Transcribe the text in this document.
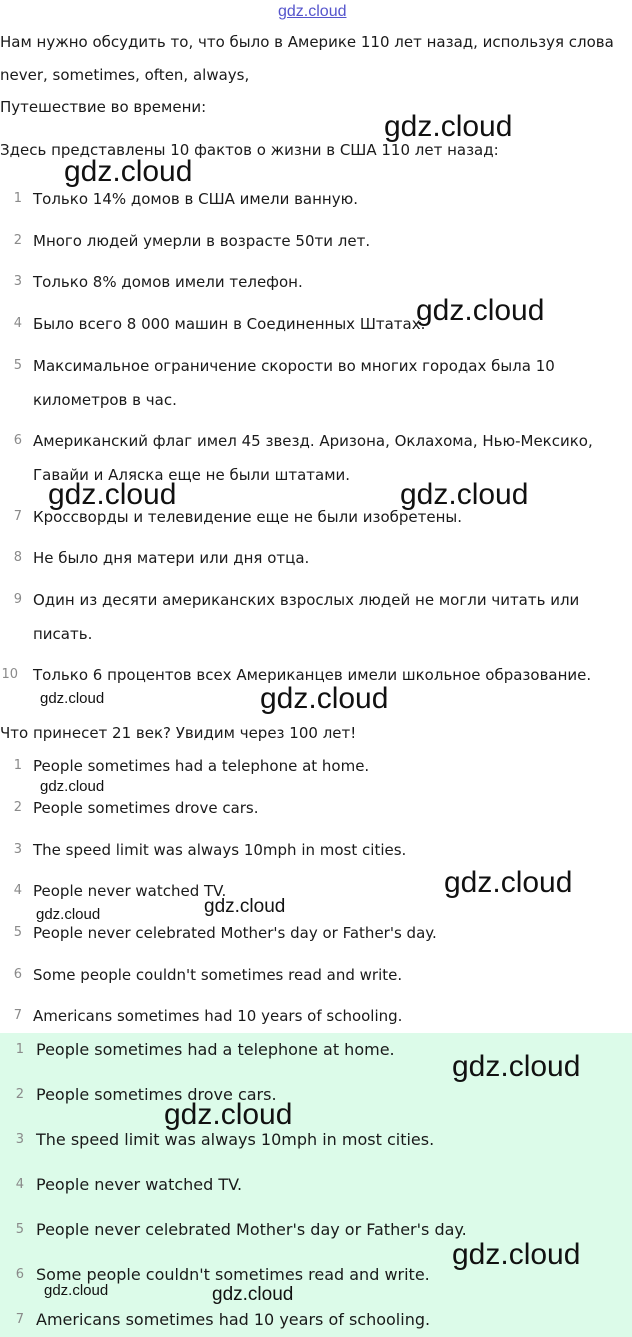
Нам нужно обсудить то, что было в Америке 110 лет назад, используя слова
never, sometimes, often, always,
Путешествие во времени:
Здесь представлены 10 фактов о жизни в США 110 лет назад:
1 Только 14% домов в США имели ванную.
2 Много людей умерли в возрасте 50ти лет.
3 Только 8% домов имели телефон.
4 Было всего 8 000 машин в Соединенных Штатах.
5 Максимальное ограничение скорости во многих городах была 10
километров в час.
6 Американский флаг имел 45 звезд. Аризона, Оклахома, Нью-Мексико,
Гавайи и Аляска еще не были штатами.
7 Кроссворды и телевидение еще не были изобретены.
8 Не было дня матери или дня отца.
9 Один из десяти американских взрослых людей не могли читать или
писать.
10 Только 6 процентов всех Американцев имели школьное образование.
Что принесет 21 век? Увидим через 100 лет!
1 People sometimes had a telephone at home.
2 People sometimes drove cars.
3 The speed limit was always 10mph in most cities.
4 People never watched TV.
5 People never celebrated Mother's day or Father's day.
6 Some people couldn't sometimes read and write.
7 Americans sometimes had 10 years of schooling.
1 People sometimes had a telephone at home.
2 People sometimes drove cars.
3 The speed limit was always 10mph in most cities.
4 People never watched TV.
5 People never celebrated Mother's day or Father's day.
6 Some people couldn't sometimes read and write.
7 Americans sometimes had 10 years of schooling.
gdz.cloud
gdz.cloud
gdz.cloud
gdz.cloud
gdz.cloud	gdz.cloud
gdz.cloud	gdz.cloud
gdz.cloud
gdz.cloud
gdz.cloud
gdz.cloud
gdz.cloud
gdz.cloud
gdz.cloud
gdz.cloud	gdz.cloud
